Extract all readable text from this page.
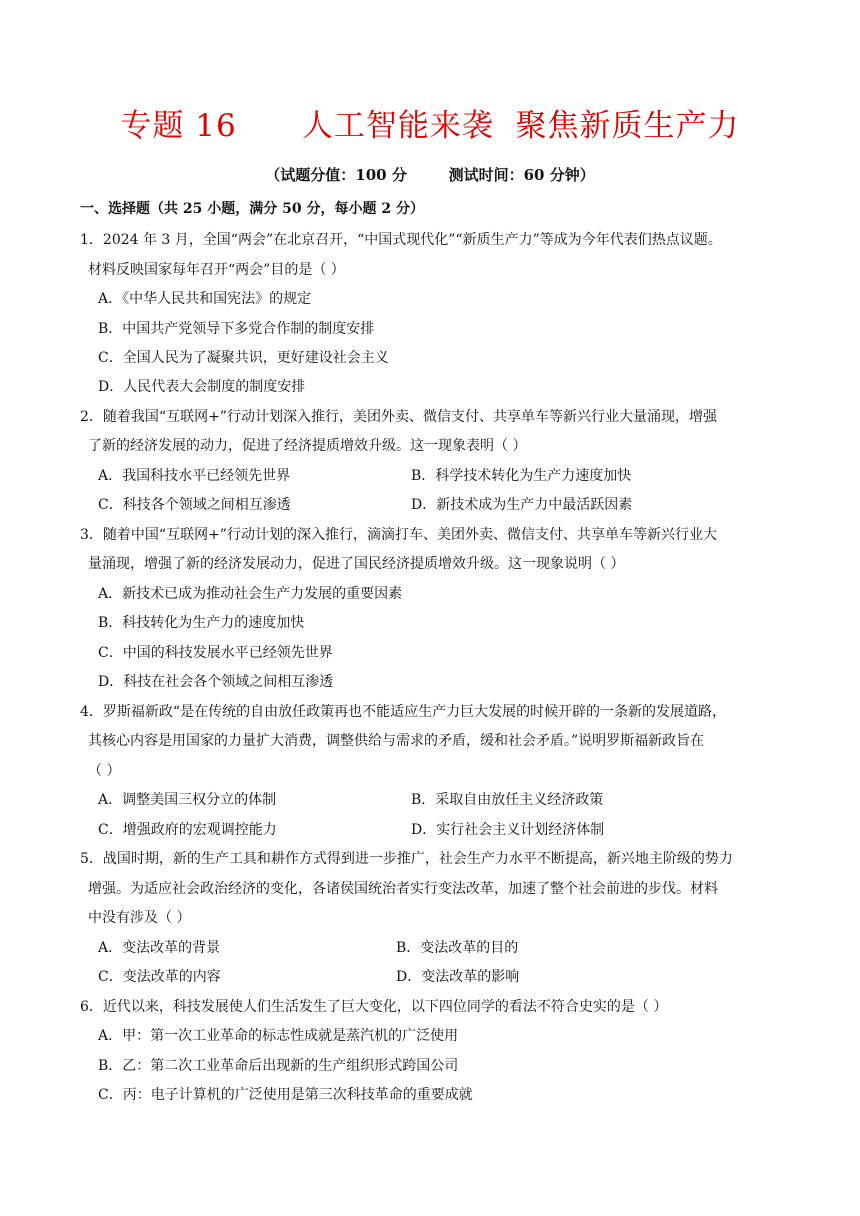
专题 16      人工智能来袭  聚焦新质生产力
（试题分值：100 分        测试时间：60 分钟）
一、选择题（共 25 小题，满分 50 分，每小题 2 分）
1．2024 年 3 月，全国“两会”在北京召开，“中国式现代化”“新质生产力”等成为今年代表们热点议题。
材料反映国家每年召开“两会”目的是（ ）
A．《中华人民共和国宪法》的规定
B．中国共产党领导下多党合作制的制度安排
C．全国人民为了凝聚共识，更好建设社会主义
D．人民代表大会制度的制度安排
2．随着我国“互联网+”行动计划深入推行，美团外卖、微信支付、共享单车等新兴行业大量涌现，增强
了新的经济发展的动力，促进了经济提质增效升级。这一现象表明（ ）
A．我国科技水平已经领先世界	B．科学技术转化为生产力速度加快
C．科技各个领域之间相互渗透	D．新技术成为生产力中最活跃因素
3．随着中国“互联网+”行动计划的深入推行，滴滴打车、美团外卖、微信支付、共享单车等新兴行业大
量涌现，增强了新的经济发展动力，促进了国民经济提质增效升级。这一现象说明（ ）
A．新技术已成为推动社会生产力发展的重要因素
B．科技转化为生产力的速度加快
C．中国的科技发展水平已经领先世界
D．科技在社会各个领域之间相互渗透
4．罗斯福新政“是在传统的自由放任政策再也不能适应生产力巨大发展的时候开辟的一条新的发展道路，
其核心内容是用国家的力量扩大消费，调整供给与需求的矛盾，缓和社会矛盾。”说明罗斯福新政旨在
（ ）
A．调整美国三权分立的体制	B．采取自由放任主义经济政策
C．增强政府的宏观调控能力	D．实行社会主义计划经济体制
5．战国时期，新的生产工具和耕作方式得到进一步推广，社会生产力水平不断提高，新兴地主阶级的势力
增强。为适应社会政治经济的变化，各诸侯国统治者实行变法改革，加速了整个社会前进的步伐。材料
中没有涉及（ ）
A．变法改革的背景	B．变法改革的目的
C．变法改革的内容	D．变法改革的影响
6．近代以来，科技发展使人们生活发生了巨大变化，以下四位同学的看法不符合史实的是（ ）
A．甲：第一次工业革命的标志性成就是蒸汽机的广泛使用
B．乙：第二次工业革命后出现新的生产组织形式跨国公司
C．丙：电子计算机的广泛使用是第三次科技革命的重要成就
